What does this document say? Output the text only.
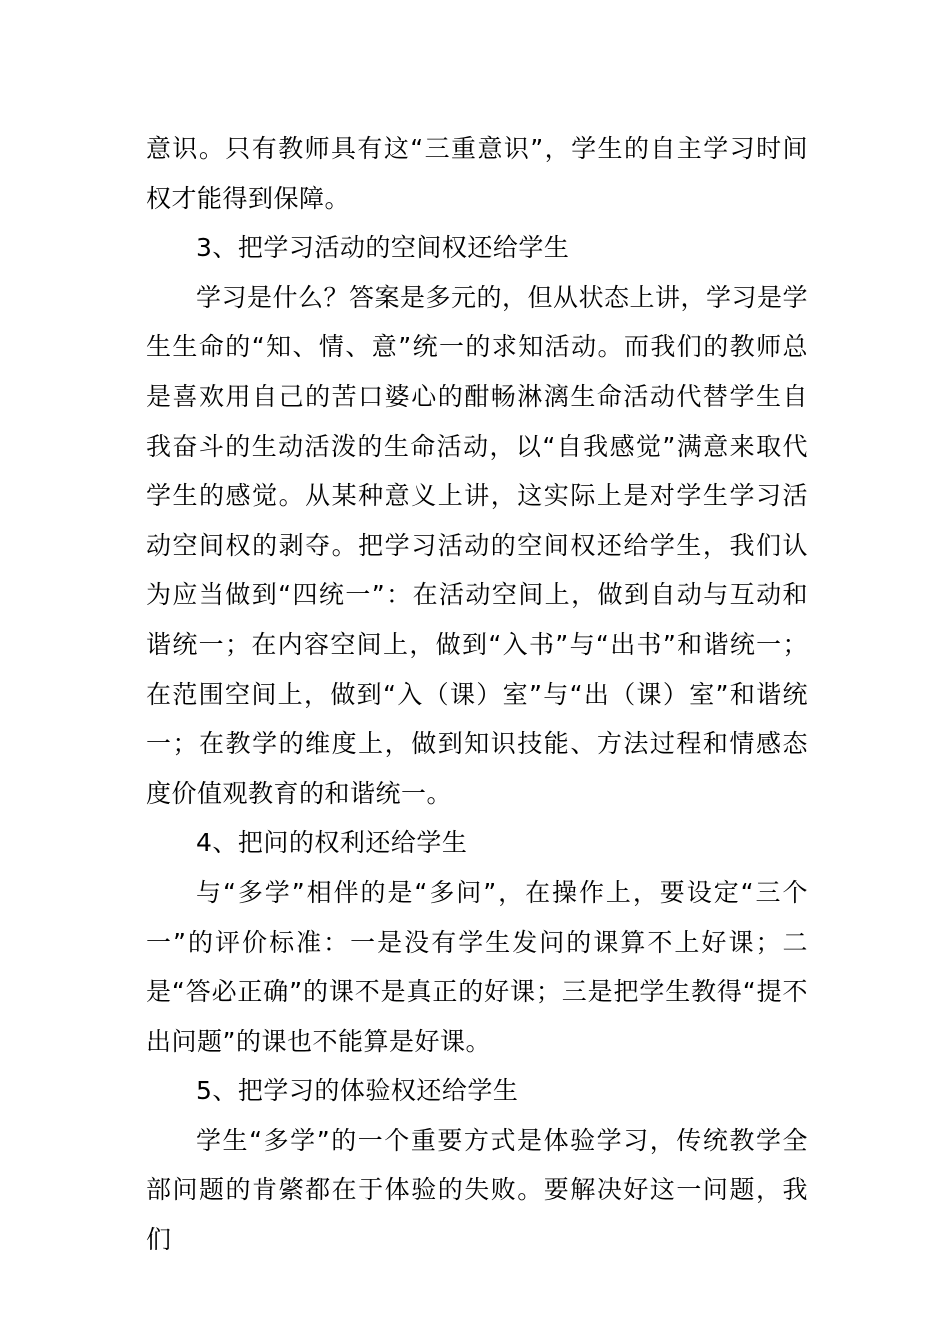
意识。只有教师具有这“三重意识”，学生的自主学习时间权才能得到保障。

3、把学习活动的空间权还给学生

学习是什么？答案是多元的，但从状态上讲，学习是学生生命的“知、情、意”统一的求知活动。而我们的教师总是喜欢用自己的苦口婆心的酣畅淋漓生命活动代替学生自我奋斗的生动活泼的生命活动，以“自我感觉”满意来取代学生的感觉。从某种意义上讲，这实际上是对学生学习活动空间权的剥夺。把学习活动的空间权还给学生，我们认为应当做到“四统一”：在活动空间上，做到自动与互动和谐统一；在内容空间上，做到“入书”与“出书”和谐统一；在范围空间上，做到“入（课）室”与“出（课）室”和谐统一；在教学的维度上，做到知识技能、方法过程和情感态度价值观教育的和谐统一。

4、把问的权利还给学生

与“多学”相伴的是“多问”，在操作上，要设定“三个一”的评价标准：一是没有学生发问的课算不上好课；二是“答必正确”的课不是真正的好课；三是把学生教得“提不出问题”的课也不能算是好课。

5、把学习的体验权还给学生

学生“多学”的一个重要方式是体验学习，传统教学全部问题的肯綮都在于体验的失败。要解决好这一问题，我们
